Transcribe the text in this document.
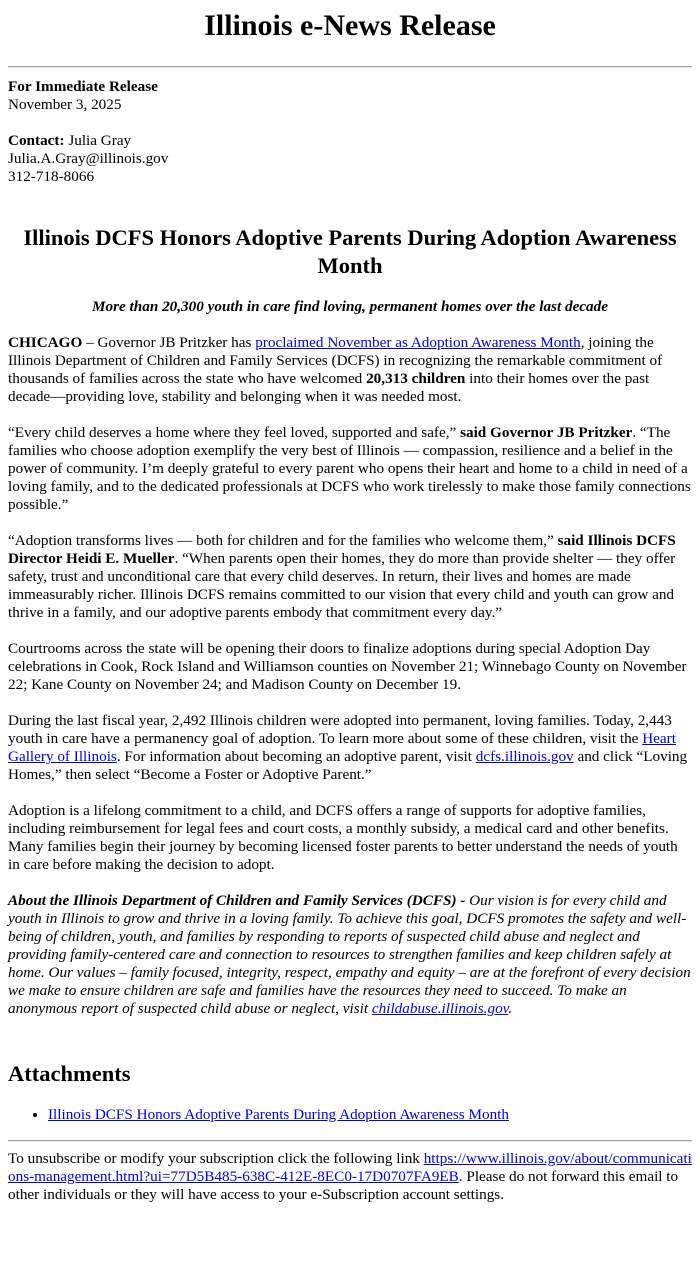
Illinois e-News Release

For Immediate Release

November 3, 2025

Contact: Julia Gray

Julia.A.Gray@illinois.gov

312-718-8066

Illinois DCFS Honors Adoptive Parents During Adoption Awareness Month

More than 20,300 youth in care find loving, permanent homes over the last decade

CHICAGO – Governor JB Pritzker has proclaimed November as Adoption Awareness Month, joining the Illinois Department of Children and Family Services (DCFS) in recognizing the remarkable commitment of thousands of families across the state who have welcomed 20,313 children into their homes over the past decade—providing love, stability and belonging when it was needed most.

“Every child deserves a home where they feel loved, supported and safe,” said Governor JB Pritzker. “The families who choose adoption exemplify the very best of Illinois — compassion, resilience and a belief in the power of community. I’m deeply grateful to every parent who opens their heart and home to a child in need of a loving family, and to the dedicated professionals at DCFS who work tirelessly to make those family connections possible.”

“Adoption transforms lives — both for children and for the families who welcome them,” said Illinois DCFS Director Heidi E. Mueller. “When parents open their homes, they do more than provide shelter — they offer safety, trust and unconditional care that every child deserves. In return, their lives and homes are made immeasurably richer. Illinois DCFS remains committed to our vision that every child and youth can grow and thrive in a family, and our adoptive parents embody that commitment every day.”

Courtrooms across the state will be opening their doors to finalize adoptions during special Adoption Day celebrations in Cook, Rock Island and Williamson counties on November 21; Winnebago County on November 22; Kane County on November 24; and Madison County on December 19.

During the last fiscal year, 2,492 Illinois children were adopted into permanent, loving families. Today, 2,443 youth in care have a permanency goal of adoption. To learn more about some of these children, visit the Heart Gallery of Illinois. For information about becoming an adoptive parent, visit dcfs.illinois.gov and click “Loving Homes,” then select “Become a Foster or Adoptive Parent.”

Adoption is a lifelong commitment to a child, and DCFS offers a range of supports for adoptive families, including reimbursement for legal fees and court costs, a monthly subsidy, a medical card and other benefits. Many families begin their journey by becoming licensed foster parents to better understand the needs of youth in care before making the decision to adopt.

About the Illinois Department of Children and Family Services (DCFS) - Our vision is for every child and youth in Illinois to grow and thrive in a loving family. To achieve this goal, DCFS promotes the safety and well-being of children, youth, and families by responding to reports of suspected child abuse and neglect and providing family-centered care and connection to resources to strengthen families and keep children safely at home. Our values – family focused, integrity, respect, empathy and equity – are at the forefront of every decision we make to ensure children are safe and families have the resources they need to succeed. To make an anonymous report of suspected child abuse or neglect, visit childabuse.illinois.gov.

Attachments
• Illinois DCFS Honors Adoptive Parents During Adoption Awareness Month

To unsubscribe or modify your subscription click the following link https://www.illinois.gov/about/communications-management.html?ui=77D5B485-638C-412E-8EC0-17D0707FA9EB. Please do not forward this email to other individuals or they will have access to your e-Subscription account settings.
